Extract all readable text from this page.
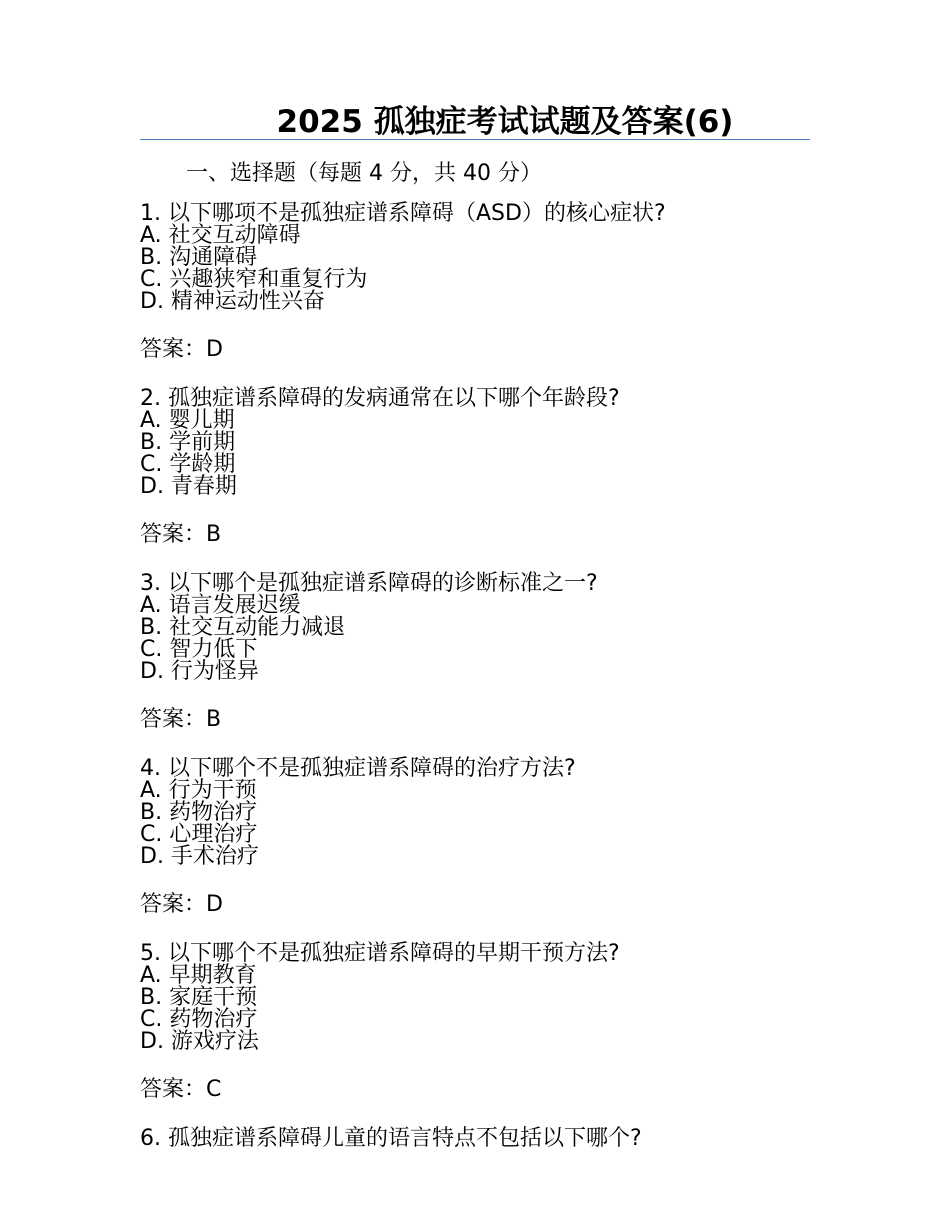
2025 孤独症考试试题及答案(6)
一、选择题（每题 4 分，共 40 分）
1. 以下哪项不是孤独症谱系障碍（ASD）的核心症状?
A. 社交互动障碍
B. 沟通障碍
C. 兴趣狭窄和重复行为
D. 精神运动性兴奋
答案：D
2. 孤独症谱系障碍的发病通常在以下哪个年龄段?
A. 婴儿期
B. 学前期
C. 学龄期
D. 青春期
答案：B
3. 以下哪个是孤独症谱系障碍的诊断标准之一?
A. 语言发展迟缓
B. 社交互动能力减退
C. 智力低下
D. 行为怪异
答案：B
4. 以下哪个不是孤独症谱系障碍的治疗方法?
A. 行为干预
B. 药物治疗
C. 心理治疗
D. 手术治疗
答案：D
5. 以下哪个不是孤独症谱系障碍的早期干预方法?
A. 早期教育
B. 家庭干预
C. 药物治疗
D. 游戏疗法
答案：C
6. 孤独症谱系障碍儿童的语言特点不包括以下哪个?
